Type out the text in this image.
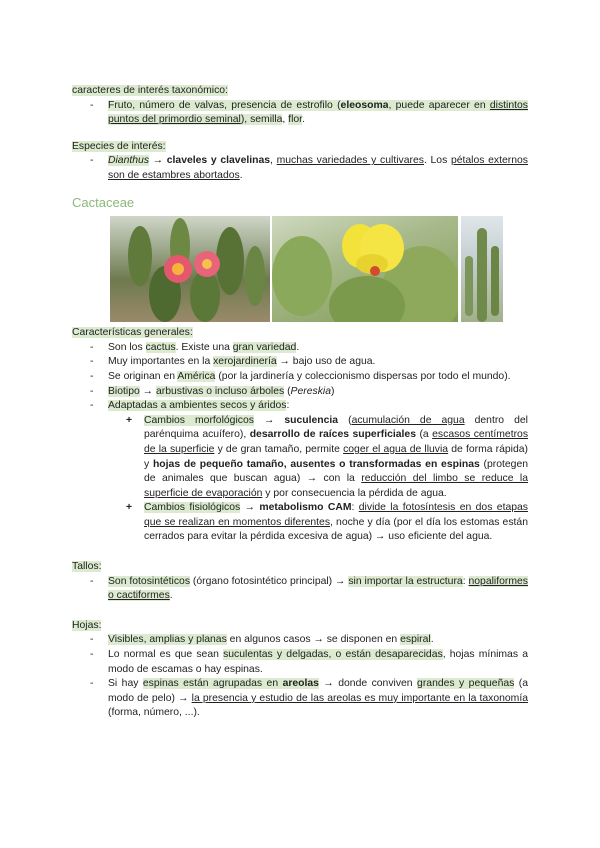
caracteres de interés taxonómico:
- Fruto, número de valvas, presencia de estrofilo (eleosoma, puede aparecer en distintos puntos del primordio seminal), semilla, flor.
Especies de interés:
- Dianthus → claveles y clavelinas, muchas variedades y cultivares. Los pétalos externos son de estambres abortados.
Cactaceae
Características generales:
- Son los cactus. Existe una gran variedad.
- Muy importantes en la xerojardinería → bajo uso de agua.
- Se originan en América (por la jardinería y coleccionismo dispersas por todo el mundo).
- Biotipo → arbustivas o incluso árboles (Pereskia)
- Adaptadas a ambientes secos y áridos:
+ Cambios morfológicos → suculencia (acumulación de agua dentro del parénquima acuífero), desarrollo de raíces superficiales (a escasos centímetros de la superficie y de gran tamaño, permite coger el agua de lluvia de forma rápida) y hojas de pequeño tamaño, ausentes o transformadas en espinas (protegen de animales que buscan agua) → con la reducción del limbo se reduce la superficie de evaporación y por consecuencia la pérdida de agua.
+ Cambios fisiológicos → metabolismo CAM: divide la fotosíntesis en dos etapas que se realizan en momentos diferentes, noche y día (por el día los estomas están cerrados para evitar la pérdida excesiva de agua) → uso eficiente del agua.
Tallos:
- Son fotosintéticos (órgano fotosintético principal) → sin importar la estructura: nopaliformes o cactiformes.
Hojas:
- Visibles, amplias y planas en algunos casos → se disponen en espiral.
- Lo normal es que sean suculentas y delgadas, o están desaparecidas, hojas mínimas a modo de escamas o hay espinas.
- Si hay espinas están agrupadas en areolas → donde conviven grandes y pequeñas (a modo de pelo) → la presencia y estudio de las areolas es muy importante en la taxonomía (forma, número, ...).
